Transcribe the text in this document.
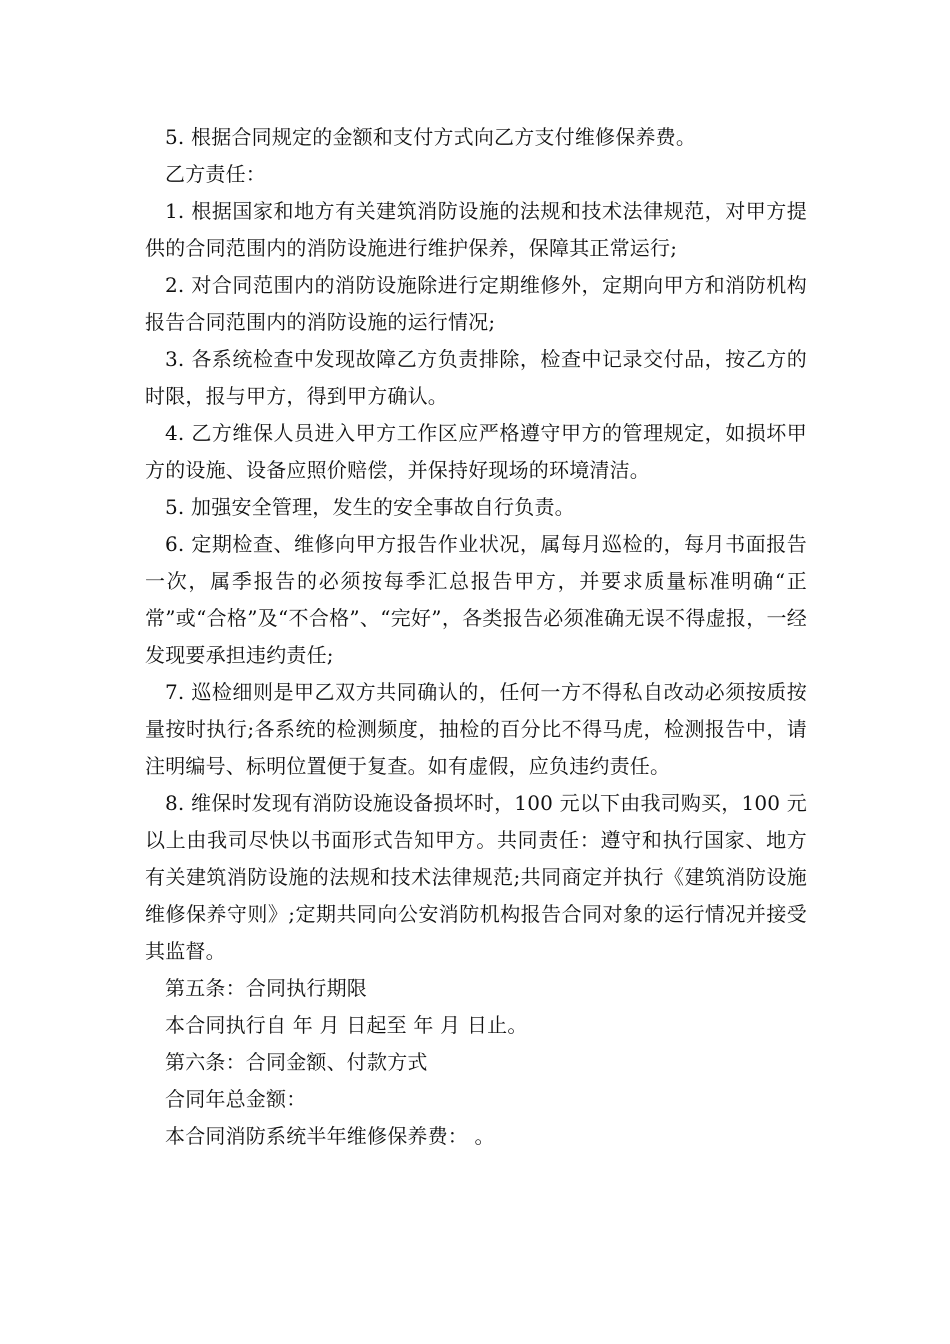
5. 根据合同规定的金额和支付方式向乙方支付维修保养费。

乙方责任：

1. 根据国家和地方有关建筑消防设施的法规和技术法律规范，对甲方提供的合同范围内的消防设施进行维护保养，保障其正常运行;

2. 对合同范围内的消防设施除进行定期维修外，定期向甲方和消防机构报告合同范围内的消防设施的运行情况;

3. 各系统检查中发现故障乙方负责排除，检查中记录交付品，按乙方的时限，报与甲方，得到甲方确认。

4. 乙方维保人员进入甲方工作区应严格遵守甲方的管理规定，如损坏甲方的设施、设备应照价赔偿，并保持好现场的环境清洁。

5. 加强安全管理，发生的安全事故自行负责。

6. 定期检查、维修向甲方报告作业状况，属每月巡检的，每月书面报告一次，属季报告的必须按每季汇总报告甲方，并要求质量标准明确“正常”或“合格”及“不合格”、“完好”，各类报告必须准确无误不得虚报，一经发现要承担违约责任;

7. 巡检细则是甲乙双方共同确认的，任何一方不得私自改动必须按质按量按时执行;各系统的检测频度，抽检的百分比不得马虎，检测报告中，请注明编号、标明位置便于复查。如有虚假，应负违约责任。

8. 维保时发现有消防设施设备损坏时，100 元以下由我司购买，100 元以上由我司尽快以书面形式告知甲方。共同责任：遵守和执行国家、地方有关建筑消防设施的法规和技术法律规范;共同商定并执行《建筑消防设施维修保养守则》;定期共同向公安消防机构报告合同对象的运行情况并接受其监督。

第五条：合同执行期限

本合同执行自 年 月 日起至 年 月 日止。

第六条：合同金额、付款方式

合同年总金额：

本合同消防系统半年维修保养费： 。
